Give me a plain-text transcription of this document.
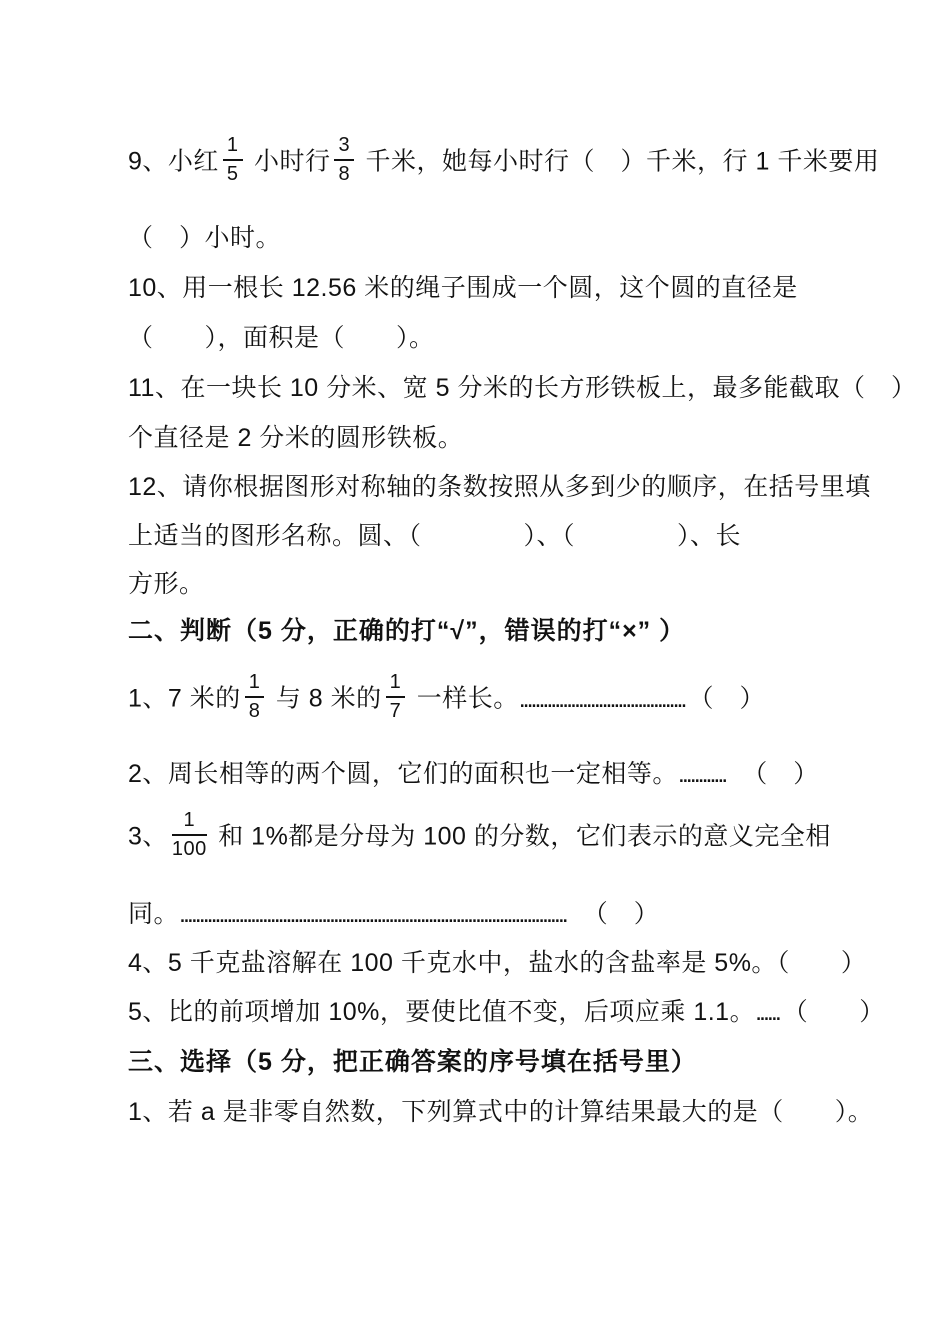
9、小红 $\frac{1}{5}$ 小时行 $\frac{3}{8}$ 千米，她每小时行（　）千米，行 1 千米要用
（　）小时。
10、用一根长 12.56 米的绳子围成一个圆，这个圆的直径是
（　　），面积是（　　）。
11、在一块长 10 分米、宽 5 分米的长方形铁板上，最多能截取（　）
个直径是 2 分米的圆形铁板。
12、请你根据图形对称轴的条数按照从多到少的顺序，在括号里填
上适当的图形名称。圆、（　　　　）、（　　　　）、长
方形。
二、判断（5 分，正确的打“√”，错误的打“×” ）
1、7 米的 $\frac{1}{8}$ 与 8 米的 $\frac{1}{7}$ 一样长。.......................................... （　）
2、周长相等的两个圆，它们的面积也一定相等。............　（　）
3、 $\frac{1}{100}$ 和 1%都是分母为 100 的分数，它们表示的意义完全相
同。..................................................................................................　（　）
4、5 千克盐溶解在 100 千克水中，盐水的含盐率是 5%。（　　）
5、比的前项增加 10%，要使比值不变，后项应乘 1.1。...... （　　）
三、选择（5 分，把正确答案的序号填在括号里）
1、若 a 是非零自然数，下列算式中的计算结果最大的是（　　）。
